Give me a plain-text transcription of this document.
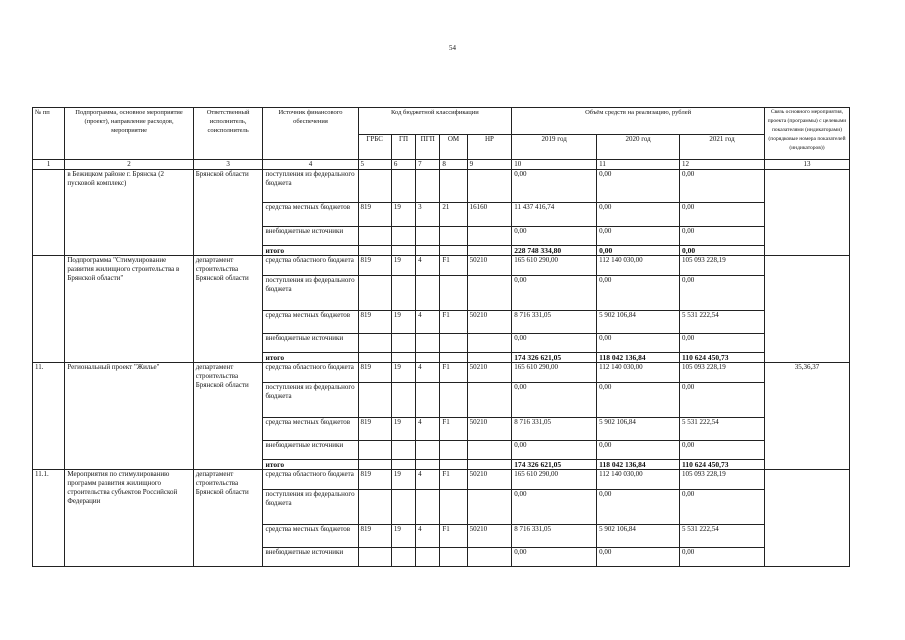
54
№ пп	Подпрограмма, основное мероприятие (проект), направление расходов, мероприятие	Ответственный исполнитель, соисполнитель	Источник финансового обеспечения	Код бюджетной классификации					Объём средств на реализацию, рублей			Связь основного мероприятия, проекта (программы) с целевыми показателями (индикаторами) (порядковые номера показателей (индикаторов))
				ГРБС	ГП	ПГП	ОМ	НР	2019 год	2020 год	2021 год	
1	2	3	4	5	6	7	8	9	10	11	12	13
	в Бежицком районе г. Брянска (2 пусковой комплекс)	Брянской области	поступления из федерального бюджета						0,00	0,00	0,00	
			средства местных бюджетов	819	19	3	21	16160	11 437 416,74	0,00	0,00	
			внебюджетные источники						0,00	0,00	0,00	
			итого						228 748 334,80	0,00	0,00	
	Подпрограмма "Стимулирование развития жилищного строительства в Брянской области"	департамент строительства Брянской области	средства областного бюджета	819	19	4	F1	50210	165 610 290,00	112 140 030,00	105 093 228,19	
			поступления из федерального бюджета						0,00	0,00	0,00	
			средства местных бюджетов	819	19	4	F1	50210	8 716 331,05	5 902 106,84	5 531 222,54	
			внебюджетные источники						0,00	0,00	0,00	
			итого						174 326 621,05	118 042 136,84	110 624 450,73	
11.	Региональный проект "Жилье"	департамент строительства Брянской области	средства областного бюджета	819	19	4	F1	50210	165 610 290,00	112 140 030,00	105 093 228,19	35,36,37
			поступления из федерального бюджета						0,00	0,00	0,00	
			средства местных бюджетов	819	19	4	F1	50210	8 716 331,05	5 902 106,84	5 531 222,54	
			внебюджетные источники						0,00	0,00	0,00	
			итого						174 326 621,05	118 042 136,84	110 624 450,73	
11.1.	Мероприятия по стимулированию программ развития жилищного строительства субъектов Российской Федерации	департамент строительства Брянской области	средства областного бюджета	819	19	4	F1	50210	165 610 290,00	112 140 030,00	105 093 228,19	
			поступления из федерального бюджета						0,00	0,00	0,00	
			средства местных бюджетов	819	19	4	F1	50210	8 716 331,05	5 902 106,84	5 531 222,54	
			внебюджетные источники						0,00	0,00	0,00	
